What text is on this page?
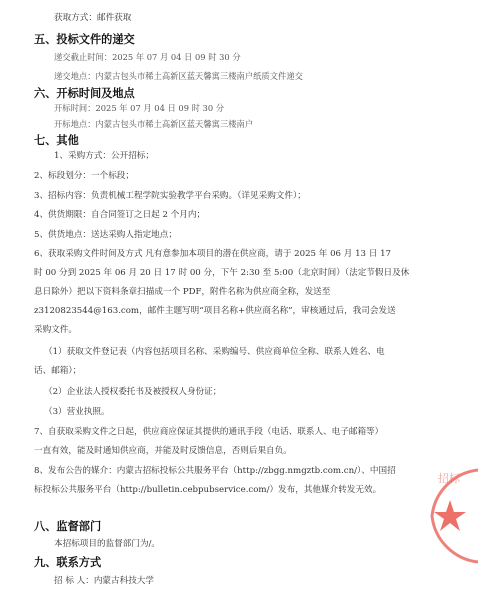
获取方式：邮件获取
五、投标文件的递交
递交截止时间：2025 年 07 月 04 日 09 时 30 分
递交地点：内蒙古包头市稀土高新区蓝天馨寓三楼南户纸质文件递交
六、开标时间及地点
开标时间：2025 年 07 月 04 日 09 时 30 分
开标地点：内蒙古包头市稀土高新区蓝天馨寓三楼南户
七、其他
1、采购方式：公开招标；
2、标段划分：一个标段；
3、招标内容：负责机械工程学院实验教学平台采购。（详见采购文件）；
4、供货期限：自合同签订之日起 2 个月内；
5、供货地点：送达采购人指定地点；
6、获取采购文件时间及方式 凡有意参加本项目的潜在供应商，请于 2025 年 06 月 13 日 17
时 00 分到 2025 年 06 月 20 日 17 时 00 分，下午 2:30 至 5:00（北京时间）（法定节假日及休
息日除外）把以下资料条章扫描成一个 PDF，附件名称为供应商全称，发送至
z3120823544@163.com，邮件主题写明“项目名称+供应商名称”，审核通过后，我司会发送
采购文件。
（1）获取文件登记表（内容包括项目名称、采购编号、供应商单位全称、联系人姓名、电
话、邮箱）；
（2）企业法人授权委托书及被授权人身份证；
（3）营业执照。
7、自获取采购文件之日起，供应商应保证其提供的通讯手段（电话、联系人、电子邮箱等）
一直有效，能及时通知供应商，并能及时反馈信息，否则后果自负。
8、发布公告的媒介：内蒙古招标投标公共服务平台（http://zbgg.nmgztb.com.cn/）、中国招
标投标公共服务平台（http://bulletin.cebpubservice.com/）发布，其他媒介转发无效。
八、监督部门
本招标项目的监督部门为/。
九、联系方式
招 标 人：内蒙古科技大学
招标
